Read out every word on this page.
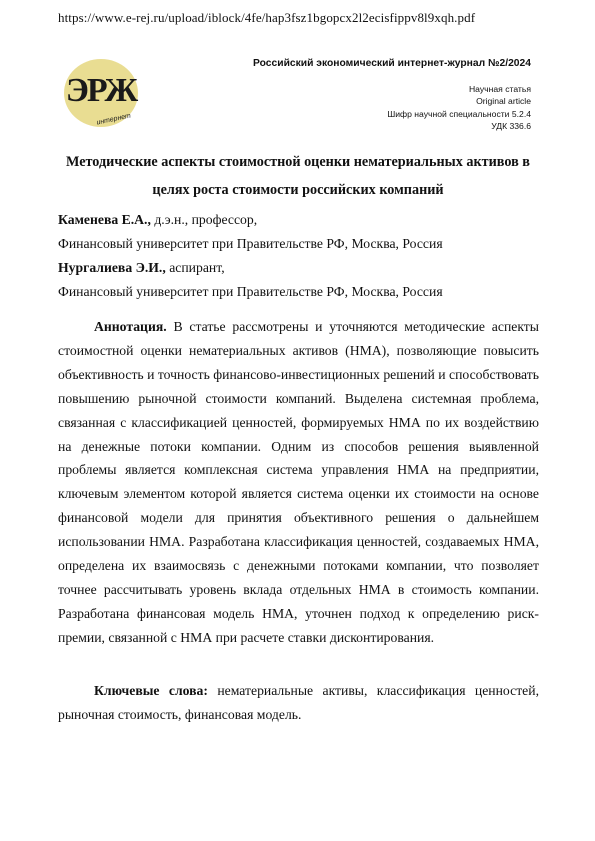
https://www.e-rej.ru/upload/iblock/4fe/hap3fsz1bgopcx2l2ecisfippv8l9xqh.pdf
ЭРЖ
интернет
Российский экономический интернет-журнал №2/2024
Научная статья
Original article
Шифр научной специальности 5.2.4
УДК 336.6
Методические аспекты стоимостной оценки нематериальных активов в
целях роста стоимости российских компаний
Каменева Е.А., д.э.н., профессор,
Финансовый университет при Правительстве РФ, Москва, Россия
Нургалиева Э.И., аспирант,
Финансовый университет при Правительстве РФ, Москва, Россия

Аннотация. В статье рассмотрены и уточняются методические аспекты стоимостной оценки нематериальных активов (НМА), позволяющие повысить объективность и точность финансово-инвестиционных решений и способствовать повышению рыночной стоимости компаний. Выделена системная проблема, связанная с классификацией ценностей, формируемых НМА по их воздействию на денежные потоки компании. Одним из способов решения выявленной проблемы является комплексная система управления НМА на предприятии, ключевым элементом которой является система оценки их стоимости на основе финансовой модели для принятия объективного решения о дальнейшем использовании НМА. Разработана классификация ценностей, создаваемых НМА, определена их взаимосвязь с денежными потоками компании, что позволяет точнее рассчитывать уровень вклада отдельных НМА в стоимость компании. Разработана финансовая модель НМА, уточнен подход к определению риск-премии, связанной с НМА при расчете ставки дисконтирования.

Ключевые слова: нематериальные активы, классификация ценностей, рыночная стоимость, финансовая модель.
